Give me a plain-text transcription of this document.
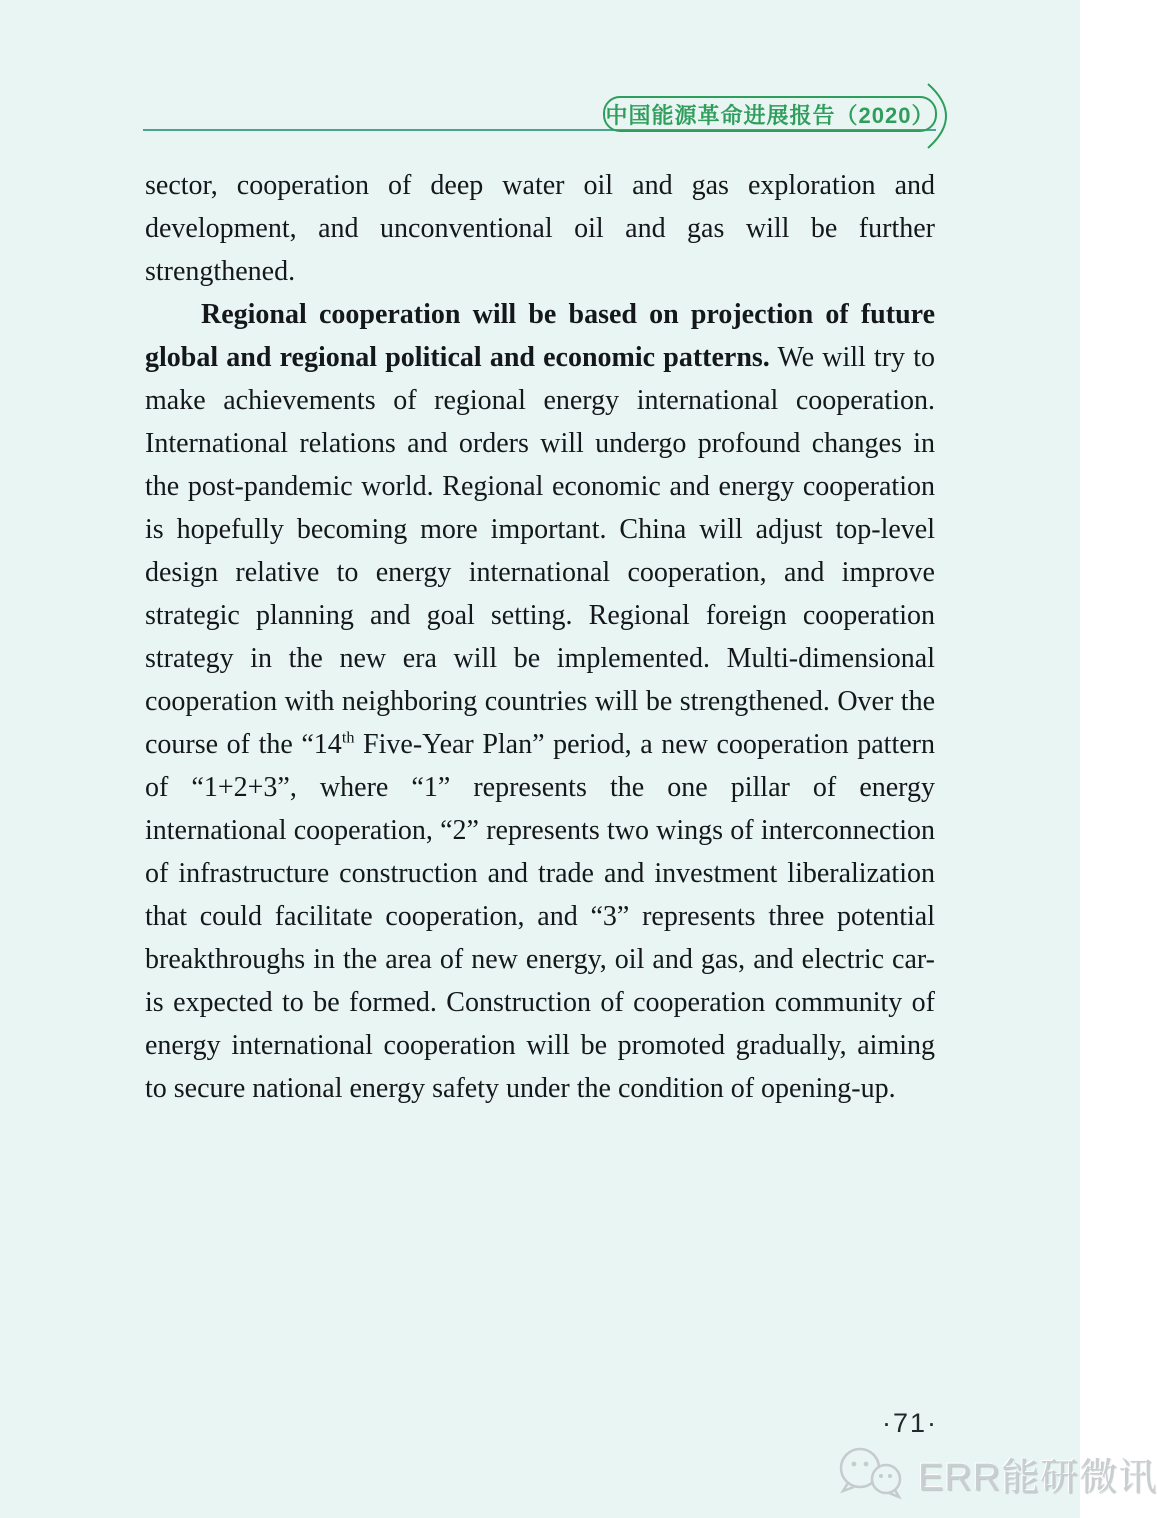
中国能源革命进展报告（2020）

sector, cooperation of deep water oil and gas exploration and development, and unconventional oil and gas will be further strengthened.

Regional cooperation will be based on projection of future global and regional political and economic patterns. We will try to make achievements of regional energy international cooperation. International relations and orders will undergo profound changes in the post-pandemic world. Regional economic and energy cooperation is hopefully becoming more important. China will adjust top-level design relative to energy international cooperation, and improve strategic planning and goal setting. Regional foreign cooperation strategy in the new era will be implemented. Multi-dimensional cooperation with neighboring countries will be strengthened. Over the course of the “14th Five-Year Plan” period, a new cooperation pattern of “1+2+3”, where “1” represents the one pillar of energy international cooperation, “2” represents two wings of interconnection of infrastructure construction and trade and investment liberalization that could facilitate cooperation, and “3” represents three potential breakthroughs in the area of new energy, oil and gas, and electric car- is expected to be formed. Construction of cooperation community of energy international cooperation will be promoted gradually, aiming to secure national energy safety under the condition of opening-up.

·71·
ERR能研微讯
